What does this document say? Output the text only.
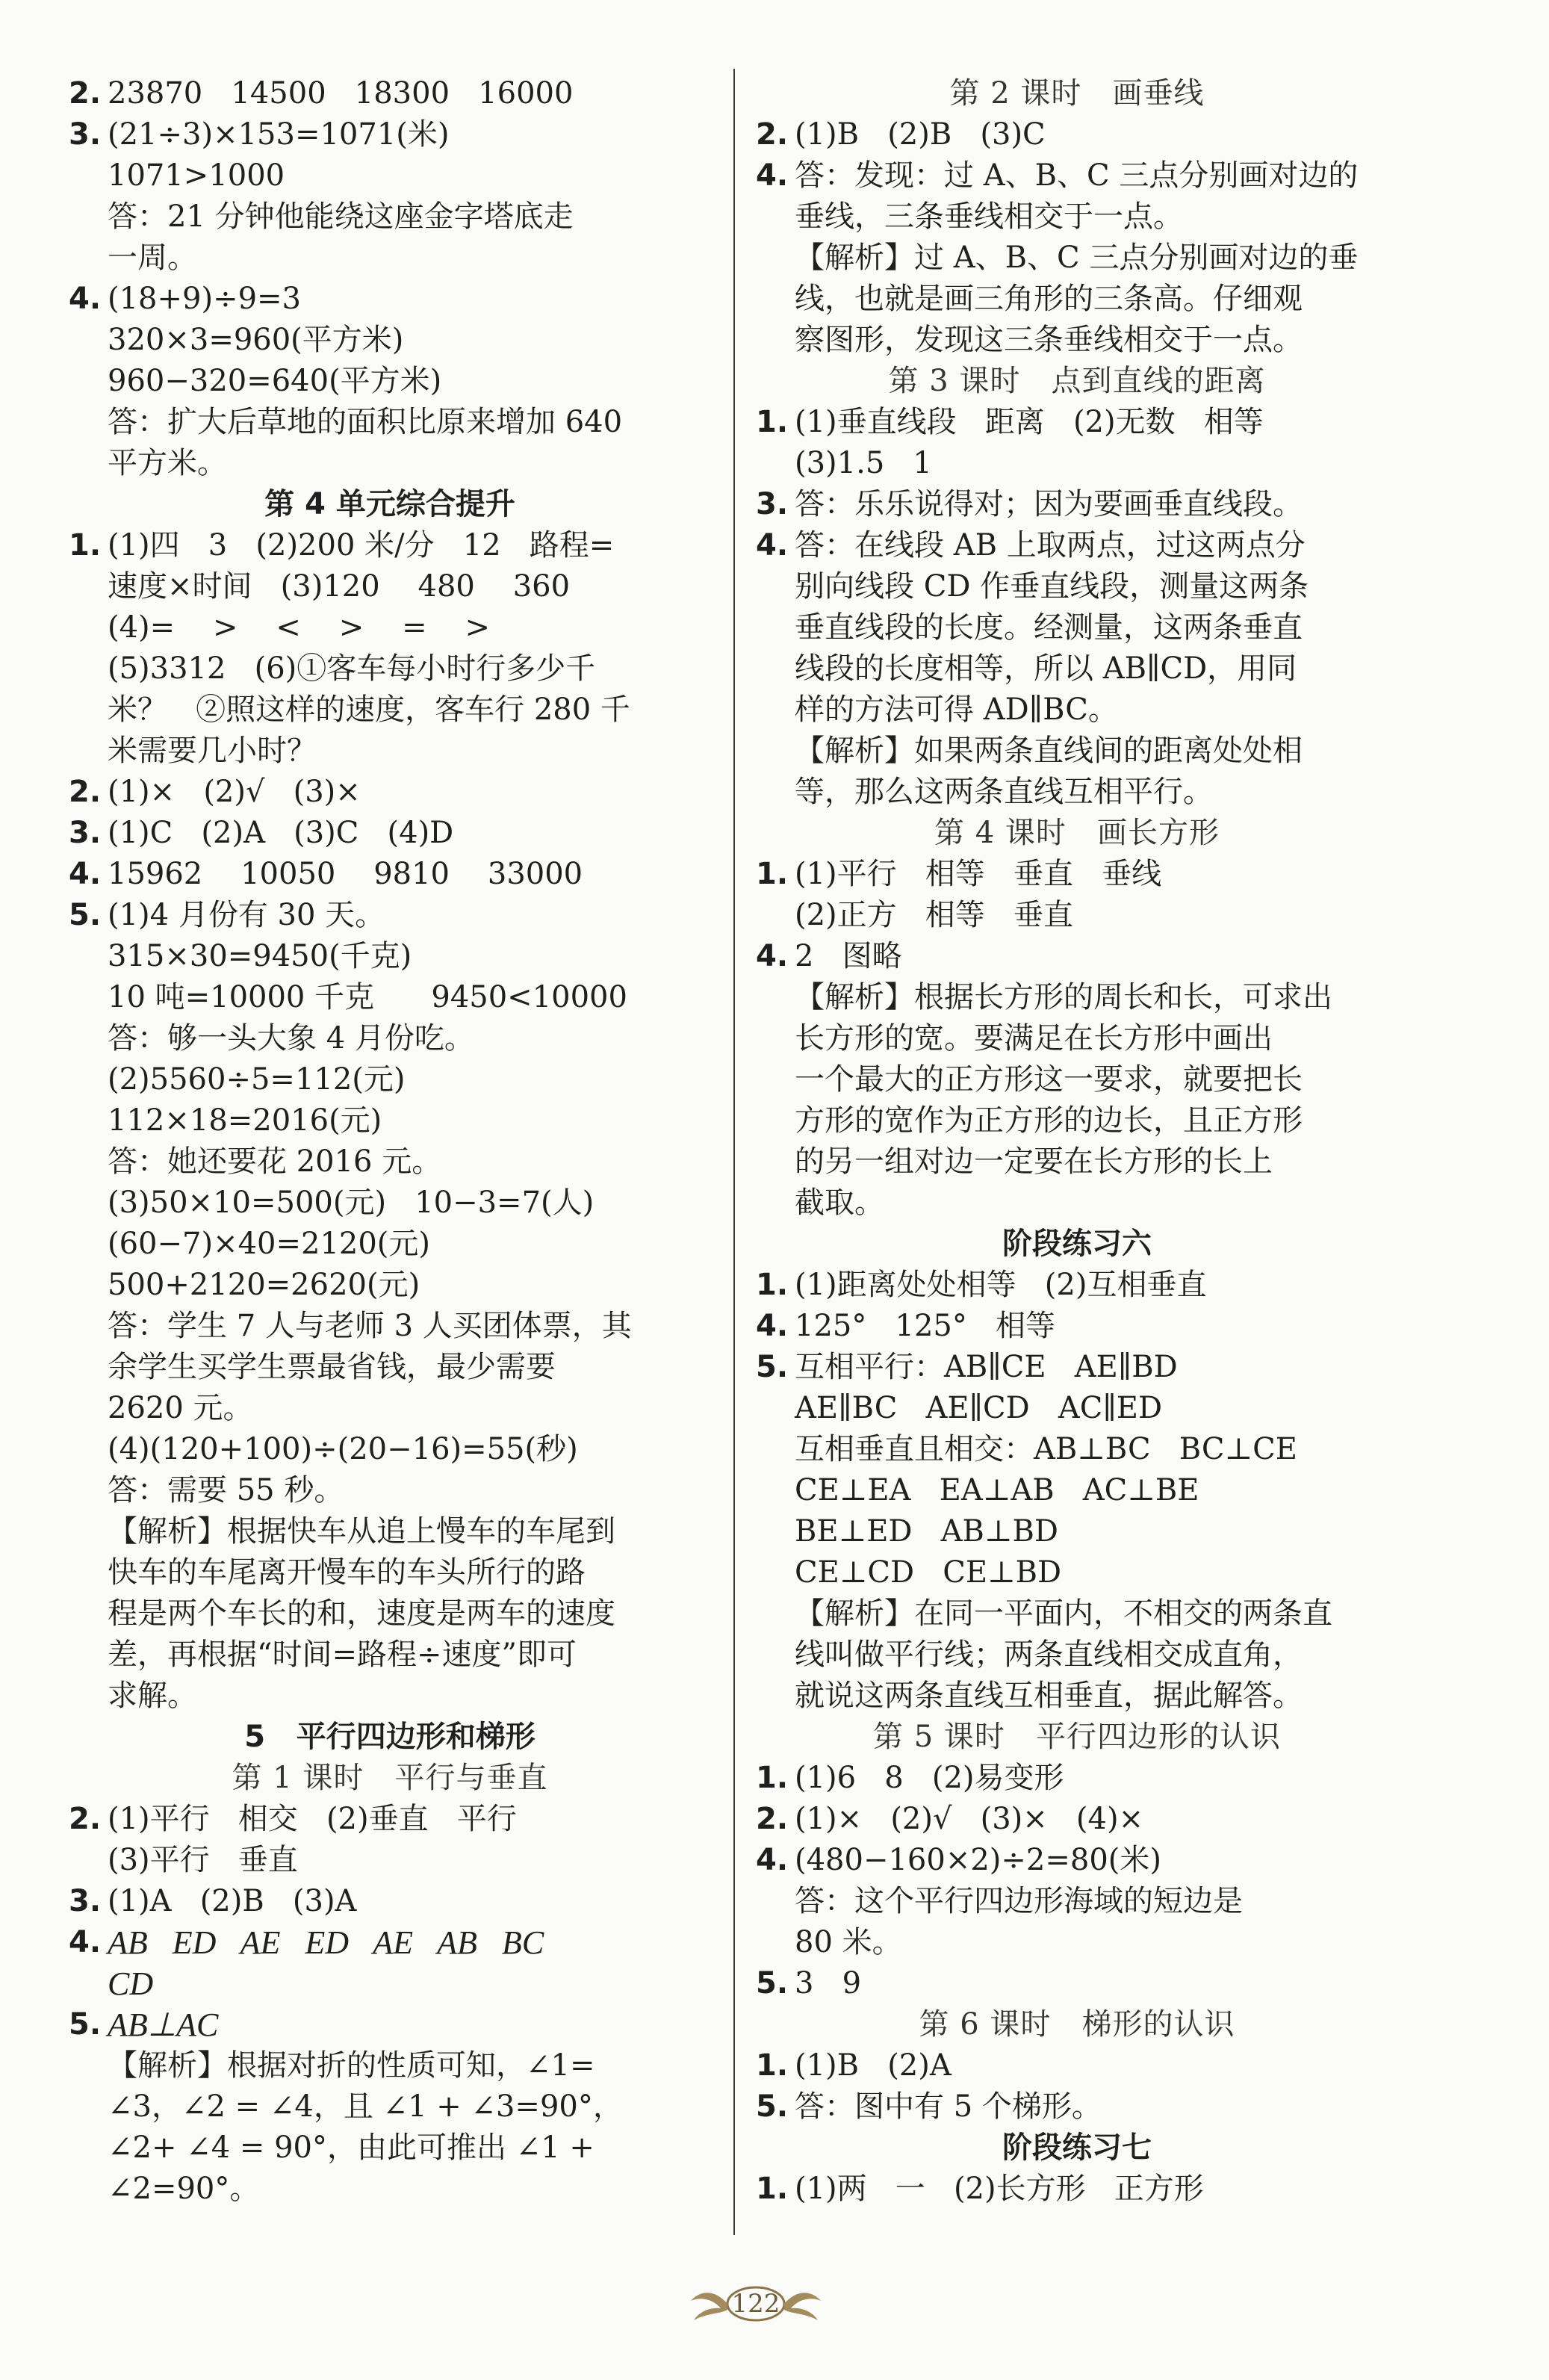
2. 23870   14500   18300   16000
3. (21÷3)×153=1071(米)
1071>1000
答：21 分钟他能绕这座金字塔底走
一周。
4. (18+9)÷9=3
320×3=960(平方米)
960−320=640(平方米)
答：扩大后草地的面积比原来增加 640
平方米。
第 4 单元综合提升
1. (1)四   3   (2)200 米/分   12   路程=
速度×时间   (3)120    480    360
(4)=    >    <    >    =    >
(5)3312   (6)①客车每小时行多少千
米？   ②照这样的速度，客车行 280 千
米需要几小时？
2. (1)×   (2)√   (3)×
3. (1)C   (2)A   (3)C   (4)D
4. 15962    10050    9810    33000
5. (1)4 月份有 30 天。
315×30=9450(千克)
10 吨=10000 千克      9450<10000
答：够一头大象 4 月份吃。
(2)5560÷5=112(元)
112×18=2016(元)
答：她还要花 2016 元。
(3)50×10=500(元)   10−3=7(人)
(60−7)×40=2120(元)
500+2120=2620(元)
答：学生 7 人与老师 3 人买团体票，其
余学生买学生票最省钱，最少需要
2620 元。
(4)(120+100)÷(20−16)=55(秒)
答：需要 55 秒。
【解析】根据快车从追上慢车的车尾到
快车的车尾离开慢车的车头所行的路
程是两个车长的和，速度是两车的速度
差，再根据“时间=路程÷速度”即可
求解。
5   平行四边形和梯形
第 1 课时   平行与垂直
2. (1)平行   相交   (2)垂直   平行
(3)平行   垂直
3. (1)A   (2)B   (3)A
4. AB   ED   AE   ED   AE   AB   BC
CD
5. AB⊥AC
【解析】根据对折的性质可知，∠1=
∠3，∠2 = ∠4，且 ∠1 + ∠3=90°，
∠2+ ∠4 = 90°，由此可推出 ∠1 +
∠2=90°。
第 2 课时   画垂线
2. (1)B   (2)B   (3)C
4. 答：发现：过 A、B、C 三点分别画对边的
垂线，三条垂线相交于一点。
【解析】过 A、B、C 三点分别画对边的垂
线，也就是画三角形的三条高。仔细观
察图形，发现这三条垂线相交于一点。
第 3 课时   点到直线的距离
1. (1)垂直线段   距离   (2)无数   相等
(3)1.5   1
3. 答：乐乐说得对；因为要画垂直线段。
4. 答：在线段 AB 上取两点，过这两点分
别向线段 CD 作垂直线段，测量这两条
垂直线段的长度。经测量，这两条垂直
线段的长度相等，所以 AB∥CD，用同
样的方法可得 AD∥BC。
【解析】如果两条直线间的距离处处相
等，那么这两条直线互相平行。
第 4 课时   画长方形
1. (1)平行   相等   垂直   垂线
(2)正方   相等   垂直
4. 2   图略
【解析】根据长方形的周长和长，可求出
长方形的宽。要满足在长方形中画出
一个最大的正方形这一要求，就要把长
方形的宽作为正方形的边长，且正方形
的另一组对边一定要在长方形的长上
截取。
阶段练习六
1. (1)距离处处相等   (2)互相垂直
4. 125°   125°   相等
5. 互相平行：AB∥CE   AE∥BD
AE∥BC   AE∥CD   AC∥ED
互相垂直且相交：AB⊥BC   BC⊥CE
CE⊥EA   EA⊥AB   AC⊥BE
BE⊥ED   AB⊥BD
CE⊥CD   CE⊥BD
【解析】在同一平面内，不相交的两条直
线叫做平行线；两条直线相交成直角，
就说这两条直线互相垂直，据此解答。
第 5 课时   平行四边形的认识
1. (1)6   8   (2)易变形
2. (1)×   (2)√   (3)×   (4)×
4. (480−160×2)÷2=80(米)
答：这个平行四边形海域的短边是
80 米。
5. 3   9
第 6 课时   梯形的认识
1. (1)B   (2)A
5. 答：图中有 5 个梯形。
阶段练习七
1. (1)两   一   (2)长方形   正方形
122
